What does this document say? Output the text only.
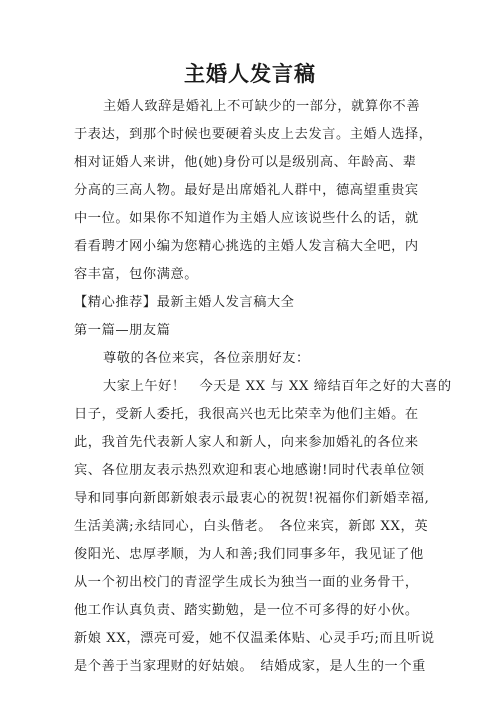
主婚人发言稿
主婚人致辞是婚礼上不可缺少的一部分，就算你不善
于表达，到那个时候也要硬着头皮上去发言。主婚人选择，
相对证婚人来讲，他(她)身份可以是级别高、年龄高、辈
分高的三高人物。最好是出席婚礼人群中，德高望重贵宾
中一位。如果你不知道作为主婚人应该说些什么的话，就
看看聘才网小编为您精心挑选的主婚人发言稿大全吧，内
容丰富，包你满意。
【精心推荐】最新主婚人发言稿大全
第一篇—朋友篇
尊敬的各位来宾，各位亲朋好友：
大家上午好！　今天是 XX 与 XX 缔结百年之好的大喜的
日子，受新人委托，我很高兴也无比荣幸为他们主婚。在
此，我首先代表新人家人和新人，向来参加婚礼的各位来
宾、各位朋友表示热烈欢迎和衷心地感谢!同时代表单位领
导和同事向新郎新娘表示最衷心的祝贺!祝福你们新婚幸福,
生活美满;永结同心，白头偕老。　各位来宾，新郎 XX，英
俊阳光、忠厚孝顺，为人和善;我们同事多年，我见证了他
从一个初出校门的青涩学生成长为独当一面的业务骨干，
他工作认真负责、踏实勤勉，是一位不可多得的好小伙。
新娘 XX，漂亮可爱，她不仅温柔体贴、心灵手巧;而且听说
是个善于当家理财的好姑娘。　结婚成家，是人生的一个重
